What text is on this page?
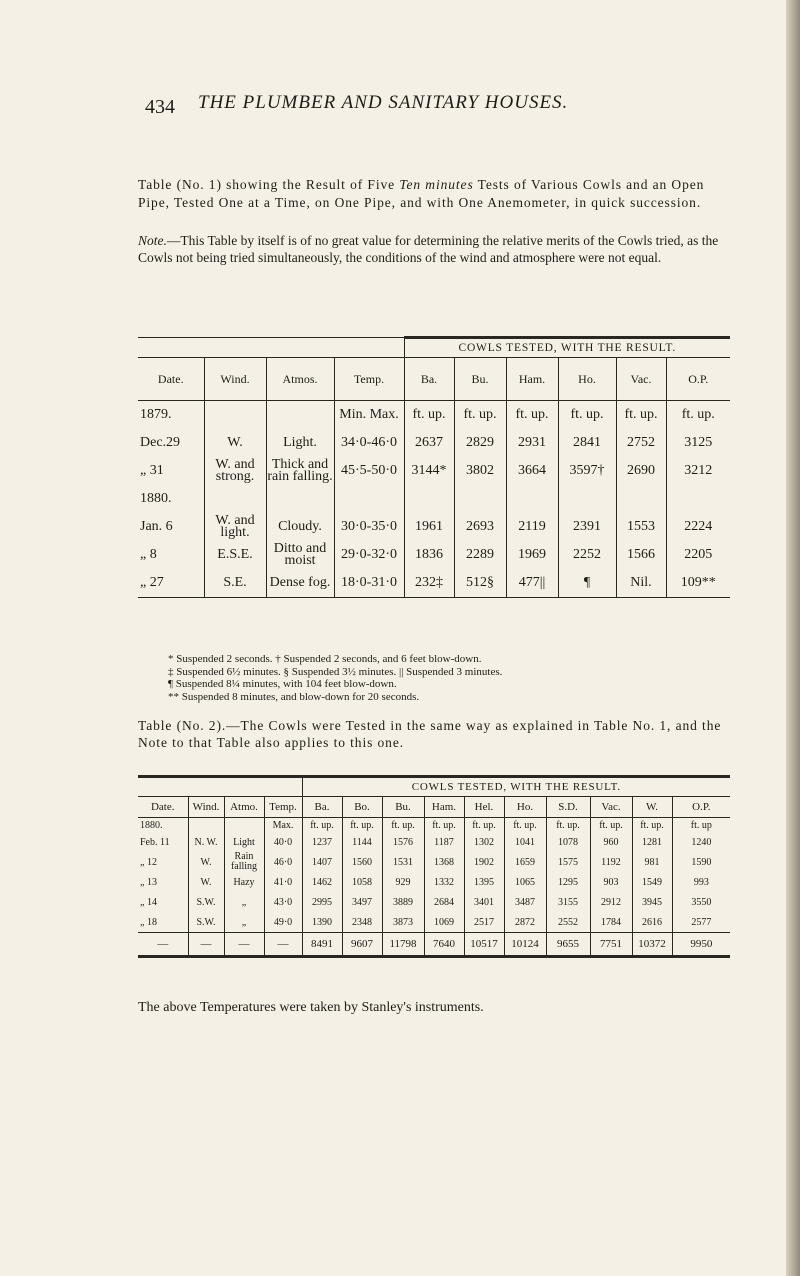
434 THE PLUMBER AND SANITARY HOUSES.
Table (No. 1) showing the Result of Five Ten minutes Tests of Various Cowls and an Open Pipe, Tested One at a Time, on One Pipe, and with One Anemometer, in quick succession.
Note.—This Table by itself is of no great value for determining the relative merits of the Cowls tried, as the Cowls not being tried simultaneously, the conditions of the wind and atmosphere were not equal.
				COWLS TESTED, WITH THE RESULT.					
Date.	Wind.	Atmos.	Temp.	Ba.	Bu.	Ham.	Ho.	Vac.	O.P.
1879.			Min. Max.	ft. up.	ft. up.	ft. up.	ft. up.	ft. up.	ft. up.
Dec.29	W.	Light.	34·0-46·0	2637	2829	2931	2841	2752	3125
„ 31	W. and strong.	Thick and rain falling.	45·5-50·0	3144*	3802	3664	3597†	2690	3212
1880.									
Jan. 6	W. and light.	Cloudy.	30·0-35·0	1961	2693	2119	2391	1553	2224
„ 8	E.S.E.	Ditto and moist	29·0-32·0	1836	2289	1969	2252	1566	2205
„ 27	S.E.	Dense fog.	18·0-31·0	232‡	512§	477||	¶	Nil.	109**
* Suspended 2 seconds. † Suspended 2 seconds, and 6 feet blow-down.
‡ Suspended 6½ minutes. § Suspended 3½ minutes. || Suspended 3 minutes.
¶ Suspended 8¼ minutes, with 104 feet blow-down.
** Suspended 8 minutes, and blow-down for 20 seconds.
Table (No. 2).—The Cowls were Tested in the same way as explained in Table No. 1, and the Note to that Table also applies to this one.
				COWLS TESTED, WITH THE RESULT.									
Date.	Wind.	Atmo.	Temp.	Ba.	Bo.	Bu.	Ham.	Hel.	Ho.	S.D.	Vac.	W.	O.P.
1880.			Max.	ft. up.	ft. up.	ft. up.	ft. up.	ft. up.	ft. up.	ft. up.	ft. up.	ft. up.	ft. up
Feb. 11	N. W.	Light	40·0	1237	1144	1576	1187	1302	1041	1078	960	1281	1240
„ 12	W.	Rain falling	46·0	1407	1560	1531	1368	1902	1659	1575	1192	981	1590
„ 13	W.	Hazy	41·0	1462	1058	929	1332	1395	1065	1295	903	1549	993
„ 14	S.W.	„	43·0	2995	3497	3889	2684	3401	3487	3155	2912	3945	3550
„ 18	S.W.	„	49·0	1390	2348	3873	1069	2517	2872	2552	1784	2616	2577
—	—	—	—	8491	9607	11798	7640	10517	10124	9655	7751	10372	9950
The above Temperatures were taken by Stanley's instruments.
